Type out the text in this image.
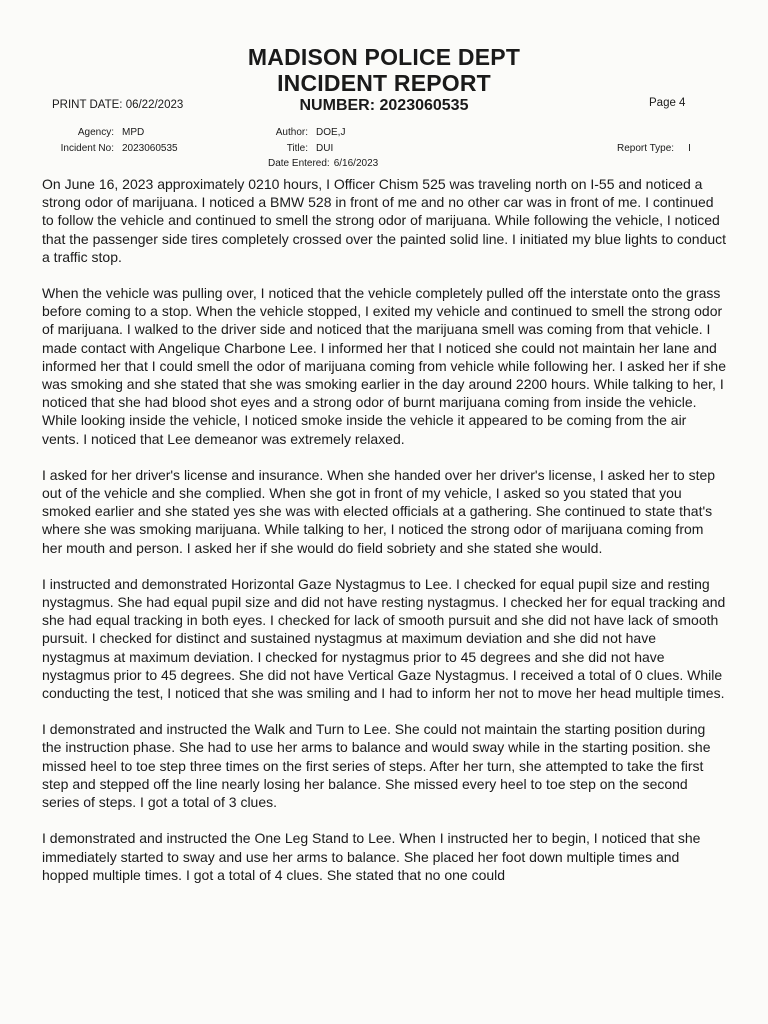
MADISON POLICE DEPT
INCIDENT REPORT
PRINT DATE: 06/22/2023	NUMBER: 2023060535	Page 4
Agency: MPD
Incident No: 2023060535
Author: DOE,J
Title: DUI
Date Entered: 6/16/2023
Report Type: I

On June 16, 2023 approximately 0210 hours, I Officer Chism 525 was traveling north on I-55 and noticed a strong odor of marijuana. I noticed a BMW 528 in front of me and no other car was in front of me. I continued to follow the vehicle and continued to smell the strong odor of marijuana. While following the vehicle, I noticed that the passenger side tires completely crossed over the painted solid line. I initiated my blue lights to conduct a traffic stop.

When the vehicle was pulling over, I noticed that the vehicle completely pulled off the interstate onto the grass before coming to a stop. When the vehicle stopped, I exited my vehicle and continued to smell the strong odor of marijuana. I walked to the driver side and noticed that the marijuana smell was coming from that vehicle. I made contact with Angelique Charbone Lee. I informed her that I noticed she could not maintain her lane and informed her that I could smell the odor of marijuana coming from vehicle while following her. I asked her if she was smoking and she stated that she was smoking earlier in the day around 2200 hours. While talking to her, I noticed that she had blood shot eyes and a strong odor of burnt marijuana coming from inside the vehicle. While looking inside the vehicle, I noticed smoke inside the vehicle it appeared to be coming from the air vents. I noticed that Lee demeanor was extremely relaxed.

I asked for her driver's license and insurance. When she handed over her driver's license, I asked her to step out of the vehicle and she complied. When she got in front of my vehicle, I asked so you stated that you smoked earlier and she stated yes she was with elected officials at a gathering. She continued to state that's where she was smoking marijuana. While talking to her, I noticed the strong odor of marijuana coming from her mouth and person. I asked her if she would do field sobriety and she stated she would.

I instructed and demonstrated Horizontal Gaze Nystagmus to Lee. I checked for equal pupil size and resting nystagmus. She had equal pupil size and did not have resting nystagmus. I checked her for equal tracking and she had equal tracking in both eyes. I checked for lack of smooth pursuit and she did not have lack of smooth pursuit. I checked for distinct and sustained nystagmus at maximum deviation and she did not have nystagmus at maximum deviation. I checked for nystagmus prior to 45 degrees and she did not have nystagmus prior to 45 degrees. She did not have Vertical Gaze Nystagmus. I received a total of 0 clues. While conducting the test, I noticed that she was smiling and I had to inform her not to move her head multiple times.

I demonstrated and instructed the Walk and Turn to Lee. She could not maintain the starting position during the instruction phase. She had to use her arms to balance and would sway while in the starting position. she missed heel to toe step three times on the first series of steps. After her turn, she attempted to take the first step and stepped off the line nearly losing her balance. She missed every heel to toe step on the second series of steps. I got a total of 3 clues.

I demonstrated and instructed the One Leg Stand to Lee. When I instructed her to begin, I noticed that she immediately started to sway and use her arms to balance. She placed her foot down multiple times and hopped multiple times. I got a total of 4 clues. She stated that no one could
